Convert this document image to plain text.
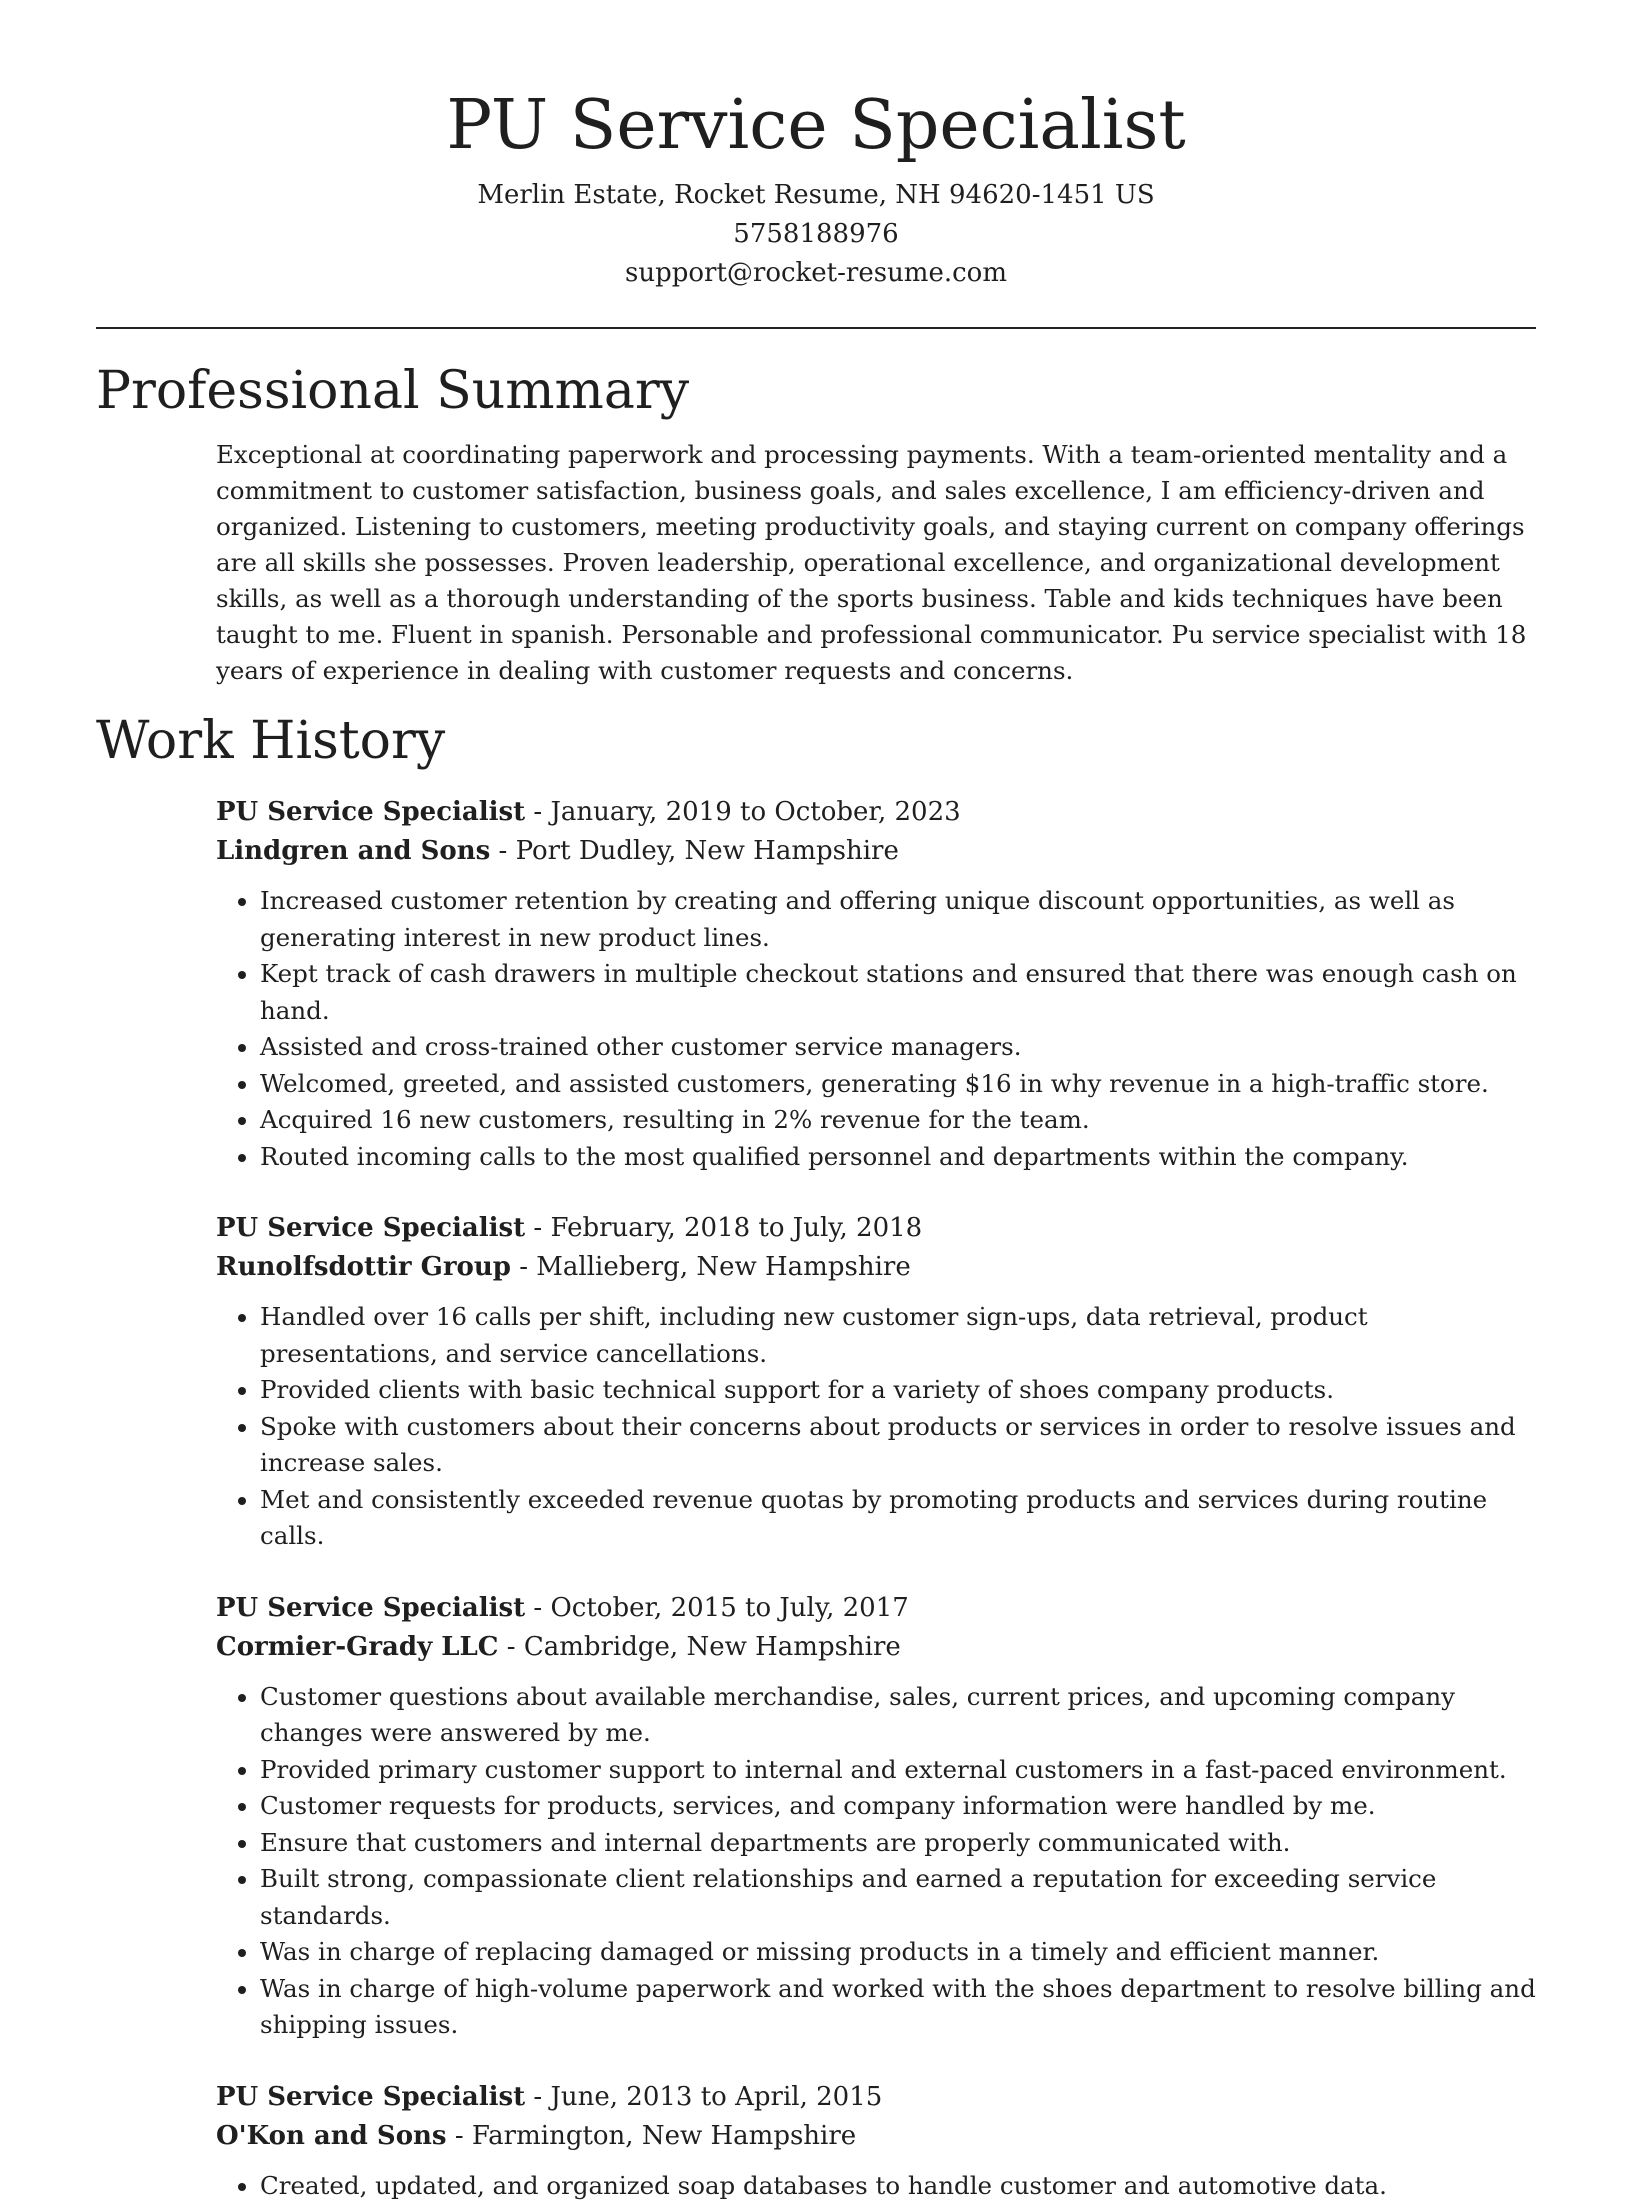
PU Service Specialist
Merlin Estate, Rocket Resume, NH 94620-1451 US
5758188976
support@rocket-resume.com
Professional Summary

Exceptional at coordinating paperwork and processing payments. With a team-oriented mentality and a commitment to customer satisfaction, business goals, and sales excellence, I am efficiency-driven and organized. Listening to customers, meeting productivity goals, and staying current on company offerings are all skills she possesses. Proven leadership, operational excellence, and organizational development skills, as well as a thorough understanding of the sports business. Table and kids techniques have been taught to me. Fluent in spanish. Personable and professional communicator. Pu service specialist with 18 years of experience in dealing with customer requests and concerns.

Work History
PU Service Specialist - January, 2019 to October, 2023
Lindgren and Sons - Port Dudley, New Hampshire
• Increased customer retention by creating and offering unique discount opportunities, as well as generating interest in new product lines.
• Kept track of cash drawers in multiple checkout stations and ensured that there was enough cash on hand.
• Assisted and cross-trained other customer service managers.
• Welcomed, greeted, and assisted customers, generating $16 in why revenue in a high-traffic store.
• Acquired 16 new customers, resulting in 2% revenue for the team.
• Routed incoming calls to the most qualified personnel and departments within the company.
PU Service Specialist - February, 2018 to July, 2018
Runolfsdottir Group - Mallieberg, New Hampshire
• Handled over 16 calls per shift, including new customer sign-ups, data retrieval, product presentations, and service cancellations.
• Provided clients with basic technical support for a variety of shoes company products.
• Spoke with customers about their concerns about products or services in order to resolve issues and increase sales.
• Met and consistently exceeded revenue quotas by promoting products and services during routine calls.
PU Service Specialist - October, 2015 to July, 2017
Cormier-Grady LLC - Cambridge, New Hampshire
• Customer questions about available merchandise, sales, current prices, and upcoming company changes were answered by me.
• Provided primary customer support to internal and external customers in a fast-paced environment.
• Customer requests for products, services, and company information were handled by me.
• Ensure that customers and internal departments are properly communicated with.
• Built strong, compassionate client relationships and earned a reputation for exceeding service standards.
• Was in charge of replacing damaged or missing products in a timely and efficient manner.
• Was in charge of high-volume paperwork and worked with the shoes department to resolve billing and shipping issues.
PU Service Specialist - June, 2013 to April, 2015
O'Kon and Sons - Farmington, New Hampshire
• Created, updated, and organized soap databases to handle customer and automotive data.
